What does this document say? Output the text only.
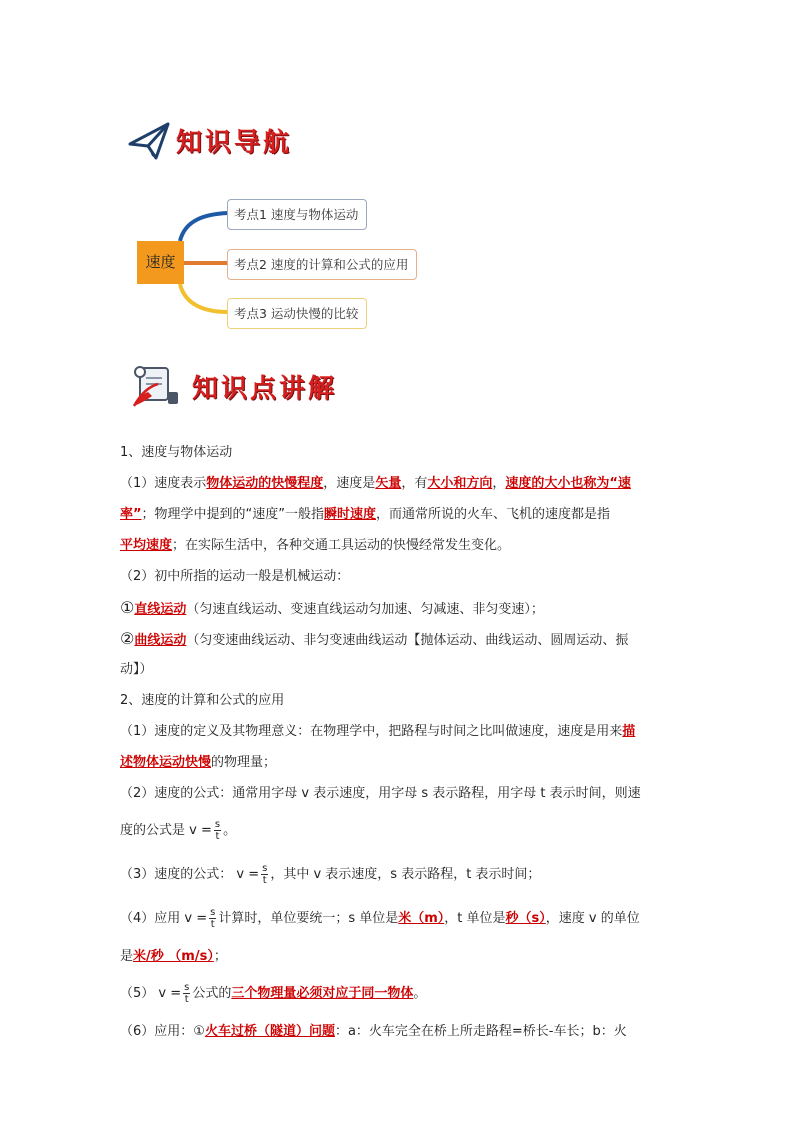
知识导航
速度
考点1 速度与物体运动
考点2 速度的计算和公式的应用
考点3 运动快慢的比较
知识点讲解
1、速度与物体运动
（1）速度表示物体运动的快慢程度，速度是矢量，有大小和方向，速度的大小也称为“速
率”；物理学中提到的“速度”一般指瞬时速度，而通常所说的火车、飞机的速度都是指
平均速度；在实际生活中，各种交通工具运动的快慢经常发生变化。
（2）初中所指的运动一般是机械运动：
①直线运动（匀速直线运动、变速直线运动匀加速、匀减速、非匀变速）；
②曲线运动（匀变速曲线运动、非匀变速曲线运动【抛体运动、曲线运动、圆周运动、振
动】）
2、速度的计算和公式的应用
（1）速度的定义及其物理意义：在物理学中，把路程与时间之比叫做速度，速度是用来描
述物体运动快慢的物理量；
（2）速度的公式：通常用字母 v 表示速度，用字母 s 表示路程，用字母 t 表示时间，则速
度的公式是 $v = \frac{s}{t}$ 。
（3）速度的公式： $v = \frac{s}{t}$ ，其中 v 表示速度，s 表示路程，t 表示时间；
（4）应用 $v = \frac{s}{t}$ 计算时，单位要统一；s 单位是米（m），t 单位是秒（s），速度 v 的单位
是米/秒 （m/s）；
（5） $v = \frac{s}{t}$ 公式的三个物理量必须对应于同一物体。
（6）应用：①火车过桥（隧道）问题：a：火车完全在桥上所走路程=桥长-车长；b：火
